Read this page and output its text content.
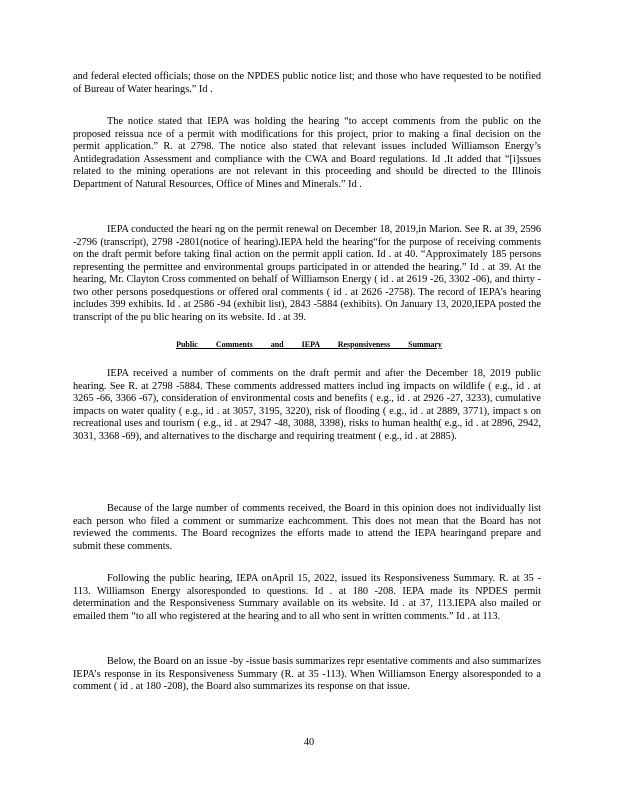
and federal elected officials; those on the NPDES public notice list; and those who have requested to be notified of Bureau of Water hearings.” Id .

The notice stated that IEPA was holding the hearing “to accept comments from the public on the proposed reissua nce of a permit with modifications for this project, prior to making a final decision on the permit application.” R. at 2798. The notice also stated that relevant issues included Williamson Energy’s Antidegradation Assessment and compliance with the CWA and Board regulations. Id .It added that “[i]ssues related to the mining operations are not relevant in this proceeding and should be directed to the Illinois Department of Natural Resources, Office of Mines and Minerals.” Id .

IEPA conducted the heari ng on the permit renewal on December 18, 2019,in Marion. See R. at 39, 2596 -2796 (transcript), 2798 -2801(notice of hearing).IEPA held the hearing“for the purpose of receiving comments on the draft permit before taking final action on the permit appli cation. Id . at 40. “Approximately 185 persons representing the permittee and environmental groups participated in or attended the hearing.” Id . at 39. At the hearing, Mr. Clayton Cross commented on behalf of Williamson Energy ( id . at 2619 -26, 3302 -06), and thirty -two other persons posedquestions or offered oral comments ( id . at 2626 -2758). The record of IEPA’s hearing includes 399 exhibits. Id . at 2586 -94 (exhibit list), 2843 -5884 (exhibits). On January 13, 2020,IEPA posted the transcript of the pu blic hearing on its website. Id . at 39.

Public Comments and IEPA Responsiveness Summary

IEPA received a number of comments on the draft permit and after the December 18, 2019 public hearing. See R. at 2798 -5884. These comments addressed matters includ ing impacts on wildlife ( e.g., id . at 3265 -66, 3366 -67), consideration of environmental costs and benefits ( e.g., id . at 2926 -27, 3233), cumulative impacts on water quality ( e.g., id . at 3057, 3195, 3220), risk of flooding ( e.g., id . at 2889, 3771), impact s on recreational uses and tourism ( e.g., id . at 2947 -48, 3088, 3398), risks to human health( e.g., id . at 2896, 2942, 3031, 3368 -69), and alternatives to the discharge and requiring treatment ( e.g., id . at 2885).

Because of the large number of comments received, the Board in this opinion does not individually list each person who filed a comment or summarize eachcomment. This does not mean that the Board has not reviewed the comments. The Board recognizes the efforts made to attend the IEPA hearingand prepare and submit these comments.

Following the public hearing, IEPA onApril 15, 2022, issued its Responsiveness Summary. R. at 35 - 113. Williamson Energy alsoresponded to questions. Id . at 180 -208. IEPA made its NPDES permit determination and the Responsiveness Summary available on its website. Id . at 37, 113.IEPA also mailed or emailed them “to all who registered at the hearing and to all who sent in written comments.” Id . at 113.

Below, the Board on an issue -by -issue basis summarizes repr esentative comments and also summarizes IEPA’s response in its Responsiveness Summary (R. at 35 -113). When Williamson Energy alsoresponded to a comment ( id . at 180 -208), the Board also summarizes its response on that issue.

40
